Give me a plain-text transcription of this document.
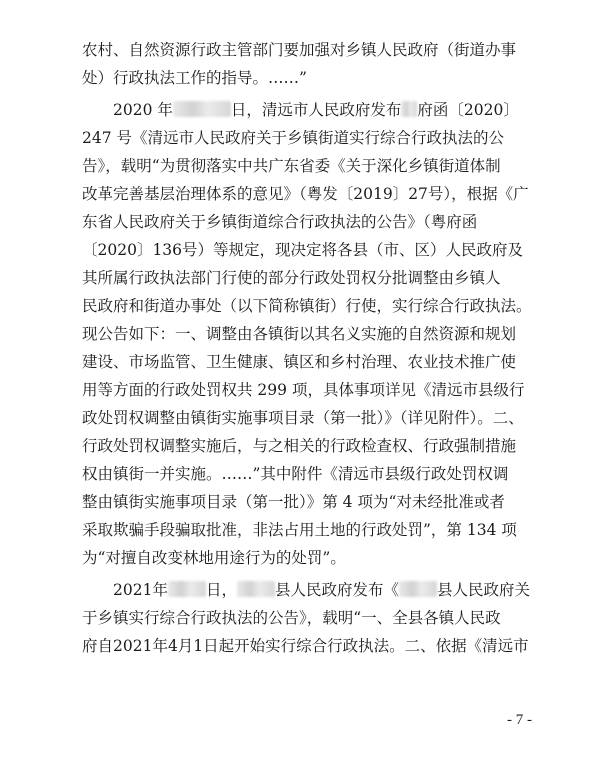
农村、自然资源行政主管部门要加强对乡镇人民政府（街道办事
处）行政执法工作的指导。……”
　　2020 年	日，清远市人民政府发布 府函〔2020〕
247 号《清远市人民政府关于乡镇街道实行综合行政执法的公
告》，载明“为贯彻落实中共广东省委《关于深化乡镇街道体制
改革完善基层治理体系的意见》（粤发〔2019〕27号），根据《广
东省人民政府关于乡镇街道综合行政执法的公告》（粤府函
〔2020〕136号）等规定，现决定将各县（市、区）人民政府及
其所属行政执法部门行使的部分行政处罚权分批调整由乡镇人
民政府和街道办事处（以下简称镇街）行使，实行综合行政执法。
现公告如下：一、调整由各镇街以其名义实施的自然资源和规划
建设、市场监管、卫生健康、镇区和乡村治理、农业技术推广使
用等方面的行政处罚权共 299 项，具体事项详见《清远市县级行
政处罚权调整由镇街实施事项目录（第一批）》（详见附件）。二、
行政处罚权调整实施后，与之相关的行政检查权、行政强制措施
权由镇街一并实施。……”其中附件《清远市县级行政处罚权调
整由镇街实施事项目录（第一批）》第 4 项为“对未经批准或者
采取欺骗手段骗取批准，非法占用土地的行政处罚”，第 134 项
为“对擅自改变林地用途行为的处罚”。
　　2021年 日， 县人民政府发布《 县人民政府关
于乡镇实行综合行政执法的公告》，载明“一、全县各镇人民政
府自2021年4月1日起开始实行综合行政执法。二、依据《清远市
- 7 -
